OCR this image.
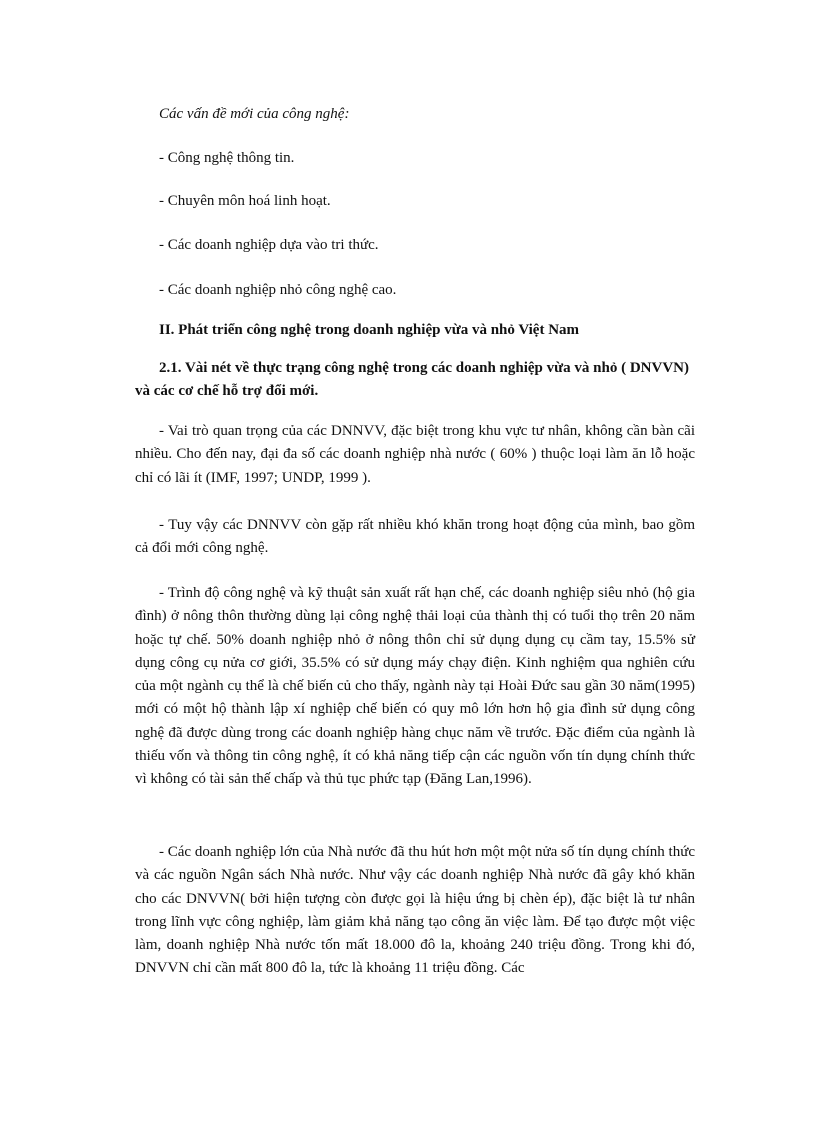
Các vấn đề mới của công nghệ:

- Công nghệ thông tin.

- Chuyên môn hoá linh hoạt.

- Các doanh nghiệp dựa vào tri thức.

- Các doanh nghiệp nhỏ công nghệ cao.

II. Phát triển công nghệ trong doanh nghiệp vừa và nhỏ Việt Nam

2.1. Vài nét về thực trạng công nghệ trong các doanh nghiệp vừa và nhỏ ( DNVVN) và các cơ chế hỗ trợ đổi mới.

- Vai trò quan trọng của các DNNVV, đặc biệt trong khu vực tư nhân, không cần bàn cãi nhiều. Cho đến nay, đại đa số các doanh nghiệp nhà nước ( 60% ) thuộc loại làm ăn lỗ hoặc chỉ có lãi ít (IMF, 1997; UNDP, 1999 ).

- Tuy vậy các DNNVV còn gặp rất nhiều khó khăn trong hoạt động của mình, bao gồm cả đổi mới công nghệ.

- Trình độ công nghệ và kỹ thuật sản xuất rất hạn chế, các doanh nghiệp siêu nhỏ (hộ gia đình) ở nông thôn thường dùng lại công nghệ thải loại của thành thị có tuổi thọ trên 20 năm hoặc tự chế. 50% doanh nghiệp nhỏ ở nông thôn chỉ sử dụng dụng cụ cầm tay, 15.5% sử dụng công cụ nửa cơ giới, 35.5% có sử dụng máy chạy điện. Kinh nghiệm qua nghiên cứu của một ngành cụ thể là chế biến củ cho thấy, ngành này tại Hoài Đức sau gần 30 năm(1995) mới có một hộ thành lập xí nghiệp chế biến có quy mô lớn hơn hộ gia đình sử dụng công nghệ đã được dùng trong các doanh nghiệp hàng chục năm về trước. Đặc điểm của ngành là thiếu vốn và thông tin công nghệ, ít có khả năng tiếp cận các nguồn vốn tín dụng chính thức vì không có tài sản thế chấp và thủ tục phức tạp (Đăng Lan,1996).

- Các doanh nghiệp lớn của Nhà nước đã thu hút hơn một một nửa số tín dụng chính thức và các nguồn Ngân sách Nhà nước. Như vậy các doanh nghiệp Nhà nước đã gây khó khăn cho các DNVVN( bởi hiện tượng còn được gọi là hiệu ứng bị chèn ép), đặc biệt là tư nhân trong lĩnh vực công nghiệp, làm giảm khả năng tạo công ăn việc làm. Để tạo được một việc làm, doanh nghiệp Nhà nước tốn mất 18.000 đô la, khoảng 240 triệu đồng. Trong khi đó, DNVVN chỉ cần mất 800 đô la, tức là khoảng 11 triệu đồng. Các
